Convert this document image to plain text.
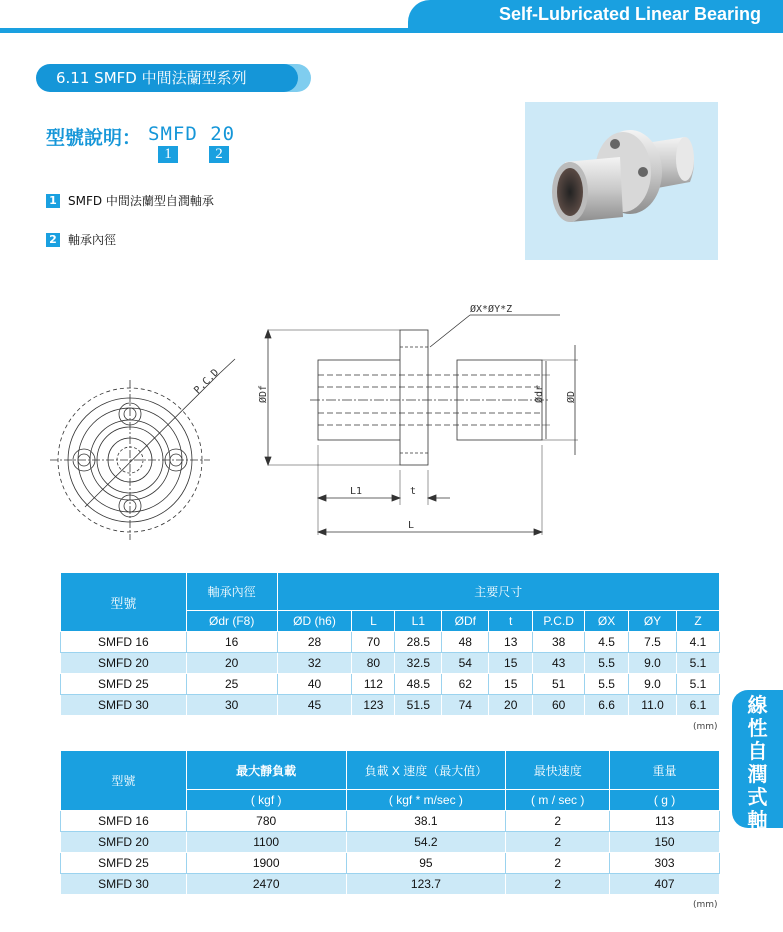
Self-Lubricated Linear Bearing
6.11 SMFD 中間法蘭型系列
型號說明： SMFD 20
1	2
1 SMFD 中間法蘭型自潤軸承
2 軸承內徑
P.C.D
ØX*ØY*Z
ØDf	Ødr ØD
L1	t
L
型號	軸承內徑	主要尺寸								
	Ødr (F8)	ØD (h6)	L	L1	ØDf	t	P.C.D	ØX	ØY	Z
SMFD 16	16	28	70	28.5	48	13	38	4.5	7.5	4.1
SMFD 20	20	32	80	32.5	54	15	43	5.5	9.0	5.1
SMFD 25	25	40	112	48.5	62	15	51	5.5	9.0	5.1
SMFD 30	30	45	123	51.5	74	20	60	6.6	11.0	6.1
(mm)
型號	最大靜負載	負載 X 速度（最大值）	最快速度	重量
	( kgf )	( kgf * m/sec )	( m / sec )	( g )
SMFD 16	780	38.1	2	113
SMFD 20	1100	54.2	2	150
SMFD 25	1900	95	2	303
SMFD 30	2470	123.7	2	407
(mm)
線
性
自
潤
式
軸
承
